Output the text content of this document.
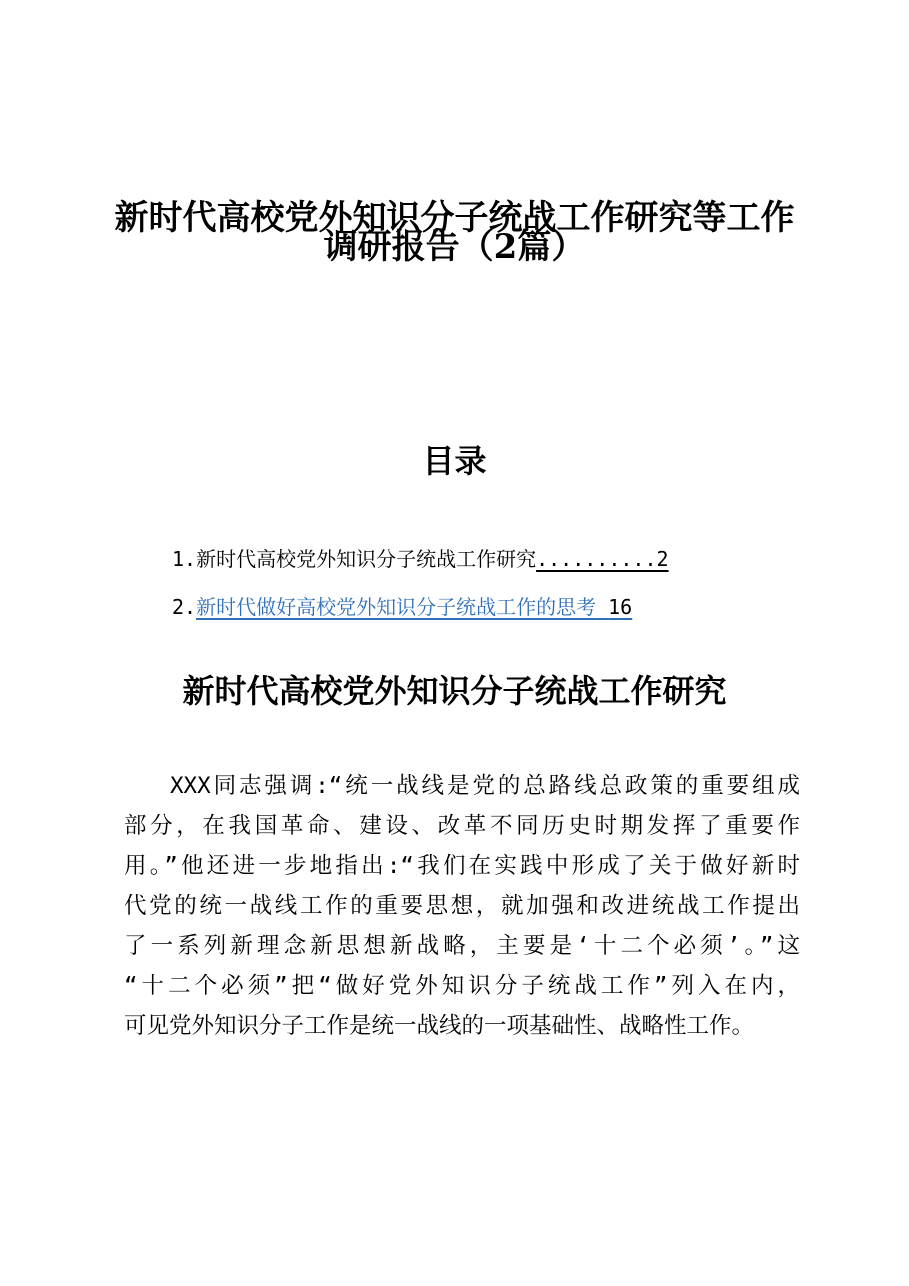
新时代高校党外知识分子统战工作研究等工作
调研报告（2篇）
目录
1.新时代高校党外知识分子统战工作研究..........2
2.新时代做好高校党外知识分子统战工作的思考 16
新时代高校党外知识分子统战工作研究
XXX同志强调:“统一战线是党的总路线总政策的重要组成
部分，在我国革命、建设、改革不同历史时期发挥了重要作
用。”他还进一步地指出:“我们在实践中形成了关于做好新时
代党的统一战线工作的重要思想，就加强和改进统战工作提出
了一系列新理念新思想新战略，主要是‘十二个必须’。”这
“十二个必须”把“做好党外知识分子统战工作”列入在内，
可见党外知识分子工作是统一战线的一项基础性、战略性工作。
